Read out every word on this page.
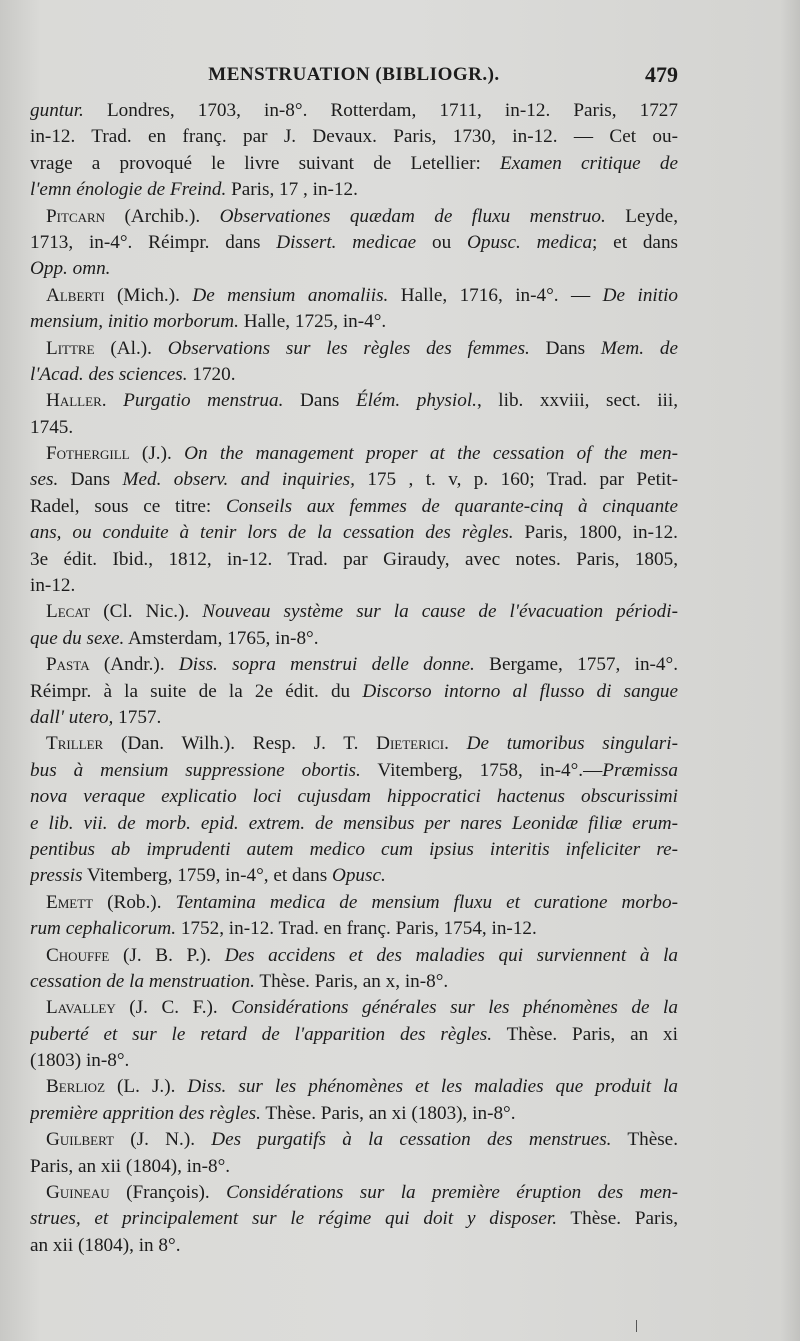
MENSTRUATION (BIBLIOGR.).	479
guntur. Londres, 1703, in-8°. Rotterdam, 1711, in-12. Paris, 1727
in-12. Trad. en franç. par J. Devaux. Paris, 1730, in-12. — Cet ou-
vrage a provoqué le livre suivant de Letellier: Examen critique de
l'emn énologie de Freind. Paris, 17 , in-12.
Pitcarn (Archib.). Observationes quædam de fluxu menstruo. Leyde,
1713, in-4°. Réimpr. dans Dissert. medicae ou Opusc. medica; et dans
Opp. omn.
Alberti (Mich.). De mensium anomaliis. Halle, 1716, in-4°. — De initio
mensium, initio morborum. Halle, 1725, in-4°.
Littre (Al.). Observations sur les règles des femmes. Dans Mem. de
l'Acad. des sciences. 1720.
Haller. Purgatio menstrua. Dans Élém. physiol., lib. xxviii, sect. iii,
1745.
Fothergill (J.). On the management proper at the cessation of the men-
ses. Dans Med. observ. and inquiries, 175 , t. v, p. 160; Trad. par Petit-
Radel, sous ce titre: Conseils aux femmes de quarante-cinq à cinquante
ans, ou conduite à tenir lors de la cessation des règles. Paris, 1800, in-12.
3e édit. Ibid., 1812, in-12. Trad. par Giraudy, avec notes. Paris, 1805,
in-12.
Lecat (Cl. Nic.). Nouveau système sur la cause de l'évacuation périodi-
que du sexe. Amsterdam, 1765, in-8°.
Pasta (Andr.). Diss. sopra menstrui delle donne. Bergame, 1757, in-4°.
Réimpr. à la suite de la 2e édit. du Discorso intorno al flusso di sangue
dall' utero, 1757.
Triller (Dan. Wilh.). Resp. J. T. Dieterici. De tumoribus singulari-
bus à mensium suppressione obortis. Vitemberg, 1758, in-4°.—Præmissa
nova veraque explicatio loci cujusdam hippocratici hactenus obscurissimi
e lib. vii. de morb. epid. extrem. de mensibus per nares Leonidæ filiæ erum-
pentibus ab imprudenti autem medico cum ipsius interitis infeliciter re-
pressis Vitemberg, 1759, in-4°, et dans Opusc.
Emett (Rob.). Tentamina medica de mensium fluxu et curatione morbo-
rum cephalicorum. 1752, in-12. Trad. en franç. Paris, 1754, in-12.
Chouffe (J. B. P.). Des accidens et des maladies qui surviennent à la
cessation de la menstruation. Thèse. Paris, an x, in-8°.
Lavalley (J. C. F.). Considérations générales sur les phénomènes de la
puberté et sur le retard de l'apparition des règles. Thèse. Paris, an xi
(1803) in-8°.
Berlioz (L. J.). Diss. sur les phénomènes et les maladies que produit la
première apprition des règles. Thèse. Paris, an xi (1803), in-8°.
Guilbert (J. N.). Des purgatifs à la cessation des menstrues. Thèse.
Paris, an xii (1804), in-8°.
Guineau (François). Considérations sur la première éruption des men-
strues, et principalement sur le régime qui doit y disposer. Thèse. Paris,
an xii (1804), in 8°.
